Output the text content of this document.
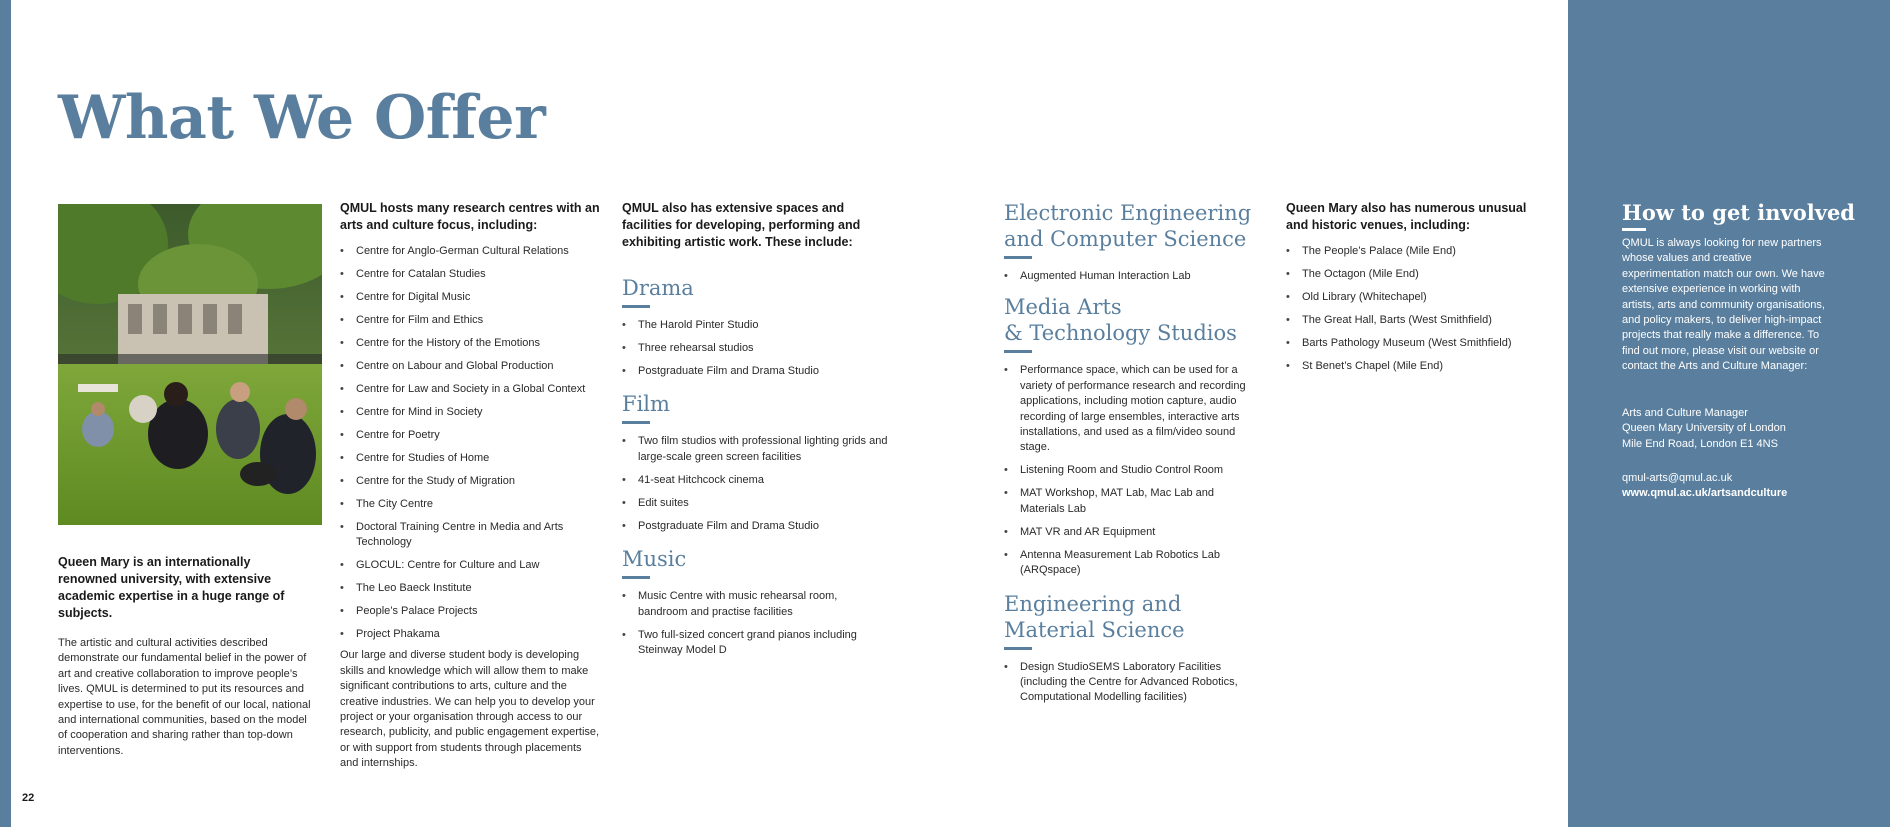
What We Offer

Queen Mary is an internationally renowned university, with extensive academic expertise in a huge range of subjects.

The artistic and cultural activities described demonstrate our fundamental belief in the power of art and creative collaboration to improve people’s lives. QMUL is determined to put its resources and expertise to use, for the benefit of our local, national and international communities, based on the model of cooperation and sharing rather than top-down interventions.

QMUL hosts many research centres with an arts and culture focus, including:

• Centre for Anglo-German Cultural Relations
• Centre for Catalan Studies
• Centre for Digital Music
• Centre for Film and Ethics
• Centre for the History of the Emotions
• Centre on Labour and Global Production
• Centre for Law and Society in a Global Context
• Centre for Mind in Society
• Centre for Poetry
• Centre for Studies of Home
• Centre for the Study of Migration
• The City Centre
• Doctoral Training Centre in Media and Arts Technology
• GLOCUL: Centre for Culture and Law
• The Leo Baeck Institute
• People’s Palace Projects
• Project Phakama

Our large and diverse student body is developing skills and knowledge which will allow them to make significant contributions to arts, culture and the creative industries. We can help you to develop your project or your organisation through access to our research, publicity, and public engagement expertise, or with support from students through placements and internships.

QMUL also has extensive spaces and facilities for developing, performing and exhibiting artistic work. These include:

Drama
• The Harold Pinter Studio
• Three rehearsal studios
• Postgraduate Film and Drama Studio
Film
• Two film studios with professional lighting grids and large-scale green screen facilities
• 41-seat Hitchcock cinema
• Edit suites
• Postgraduate Film and Drama Studio
Music
• Music Centre with music rehearsal room, bandroom and practise facilities
• Two full-sized concert grand pianos including Steinway Model D
Electronic Engineering
and Computer Science
• Augmented Human Interaction Lab
Media Arts
& Technology Studios
• Performance space, which can be used for a variety of performance research and recording applications, including motion capture, audio recording of large ensembles, interactive arts installations, and used as a film/video sound stage.
• Listening Room and Studio Control Room
• MAT Workshop, MAT Lab, Mac Lab and Materials Lab
• MAT VR and AR Equipment
• Antenna Measurement Lab Robotics Lab (ARQspace)
Engineering and
Material Science
• Design StudioSEMS Laboratory Facilities (including the Centre for Advanced Robotics, Computational Modelling facilities)

Queen Mary also has numerous unusual and historic venues, including:

• The People’s Palace (Mile End)
• The Octagon (Mile End)
• Old Library (Whitechapel)
• The Great Hall, Barts (West Smithfield)
• Barts Pathology Museum (West Smithfield)
• St Benet’s Chapel (Mile End)
How to get involved

QMUL is always looking for new partners whose values and creative experimentation match our own. We have extensive experience in working with artists, arts and community organisations, and policy makers, to deliver high-impact projects that really make a difference. To find out more, please visit our website or contact the Arts and Culture Manager:

Arts and Culture Manager
Queen Mary University of London
Mile End Road, London E1 4NS
qmul-arts@qmul.ac.uk
www.qmul.ac.uk/artsandculture
22
